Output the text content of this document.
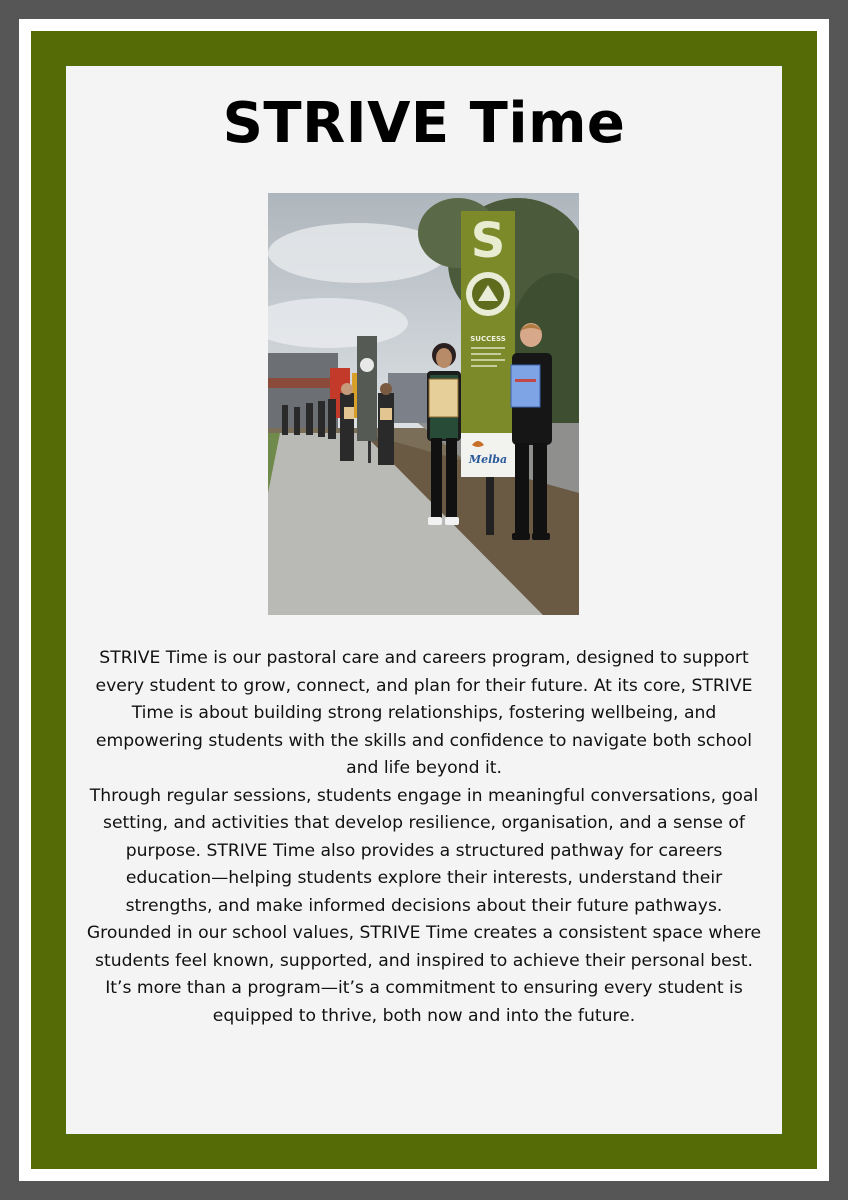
STRIVE Time
S
SUCCESS
Melba

STRIVE Time is our pastoral care and careers program, designed to support every student to grow, connect, and plan for their future. At its core, STRIVE Time is about building strong relationships, fostering wellbeing, and empowering students with the skills and confidence to navigate both school and life beyond it.

Through regular sessions, students engage in meaningful conversations, goal setting, and activities that develop resilience, organisation, and a sense of purpose. STRIVE Time also provides a structured pathway for careers education—helping students explore their interests, understand their strengths, and make informed decisions about their future pathways.

Grounded in our school values, STRIVE Time creates a consistent space where students feel known, supported, and inspired to achieve their personal best. It’s more than a program—it’s a commitment to ensuring every student is equipped to thrive, both now and into the future.
